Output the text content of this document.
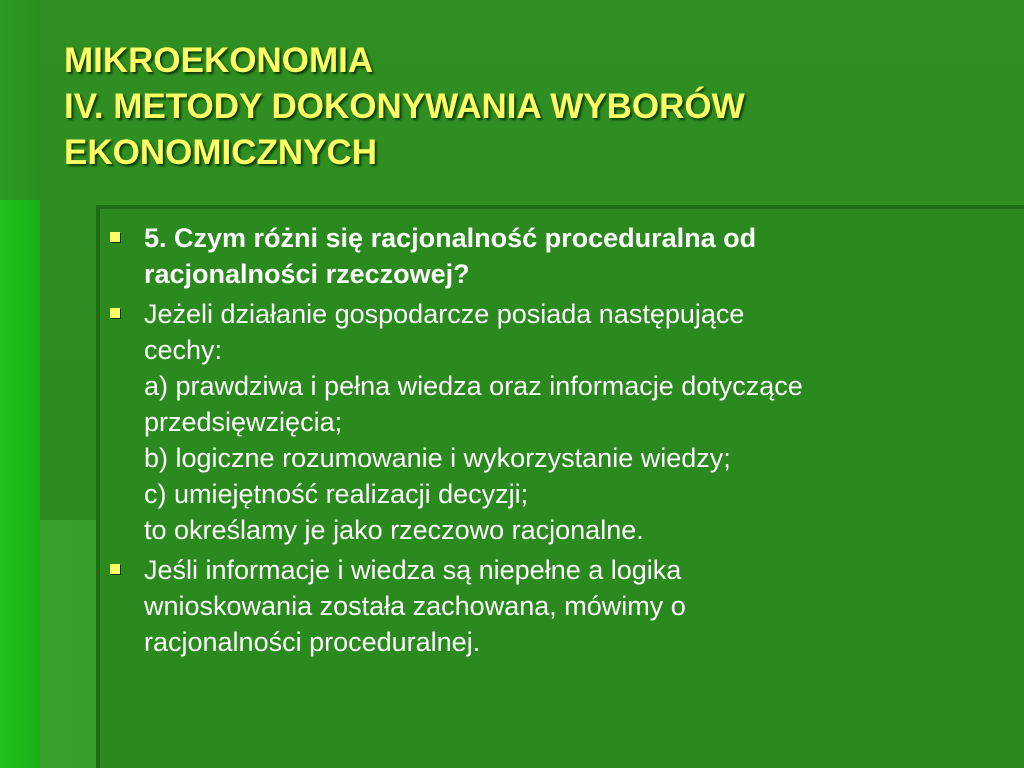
MIKROEKONOMIA
IV. METODY DOKONYWANIA WYBORÓW
EKONOMICZNYCH
5. Czym różni się racjonalność proceduralna od
racjonalności rzeczowej?
Jeżeli działanie gospodarcze posiada następujące
cechy:
a) prawdziwa i pełna wiedza oraz informacje dotyczące
przedsięwzięcia;
b) logiczne rozumowanie i wykorzystanie wiedzy;
c) umiejętność realizacji decyzji;
to określamy je jako rzeczowo racjonalne.
Jeśli informacje i wiedza są niepełne a logika
wnioskowania została zachowana, mówimy o
racjonalności proceduralnej.
